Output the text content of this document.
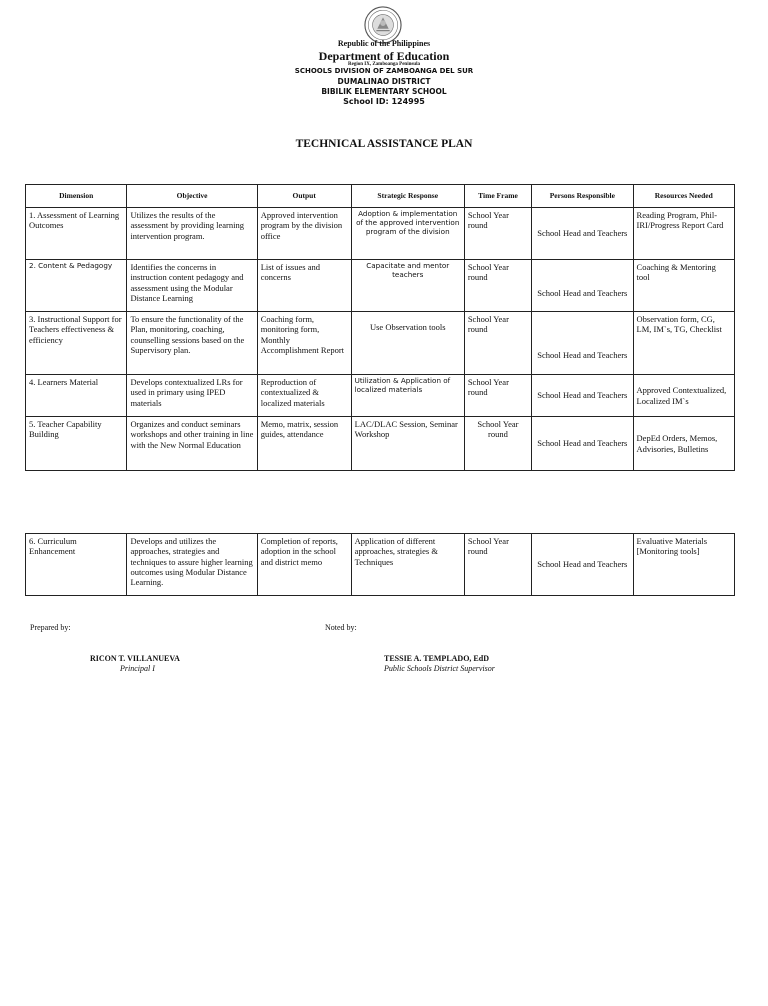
Republic of the Philippines
Department of Education
Region IX, Zamboanga Peninsula
SCHOOLS DIVISION OF ZAMBOANGA DEL SUR
DUMALINAO DISTRICT
BIBILIK ELEMENTARY SCHOOL
School ID: 124995
TECHNICAL ASSISTANCE PLAN
Dimension	Objective	Output	Strategic Response	Time Frame	Persons Responsible	Resources Needed
1. Assessment of Learning Outcomes	Utilizes the results of the assessment by providing learning intervention program.	Approved intervention program by the division office	Adoption & implementation of the approved intervention program of the division	School Year round	School Head and Teachers	Reading Program, Phil-IRI/Progress Report Card
2. Content & Pedagogy	Identifies the concerns in instruction content pedagogy and assessment using the Modular Distance Learning	List of issues and concerns	Capacitate and mentor teachers	School Year round	School Head and Teachers	Coaching & Mentoring tool
3. Instructional Support for Teachers effectiveness & efficiency	To ensure the functionality of the Plan, monitoring, coaching, counselling sessions based on the Supervisory plan.	Coaching form, monitoring form, Monthly Accomplishment Report	Use Observation tools	School Year round	School Head and Teachers	Observation form, CG, LM, IM`s, TG, Checklist
4. Learners Material	Develops contextualized LRs for used in primary using IPED materials	Reproduction of contextualized & localized materials	Utilization & Application of localized materials	School Year round	School Head and Teachers	Approved Contextualized, Localized IM`s
5. Teacher Capability Building	Organizes and conduct seminars workshops and other training in line with the New Normal Education	Memo, matrix, session guides, attendance	LAC/DLAC Session, Seminar Workshop	School Year round	School Head and Teachers	DepEd Orders, Memos, Advisories, Bulletins
6. Curriculum Enhancement	Develops and utilizes the approaches, strategies and techniques to assure higher learning outcomes using Modular Distance Learning.	Completion of reports, adoption in the school and district memo	Application of different approaches, strategies & Techniques	School Year round	School Head and Teachers	Evaluative Materials [Monitoring tools]
Prepared by:	Noted by:
RICON T. VILLANUEVA
Principal I
TESSIE A. TEMPLADO, EdD
Public Schools District Supervisor
